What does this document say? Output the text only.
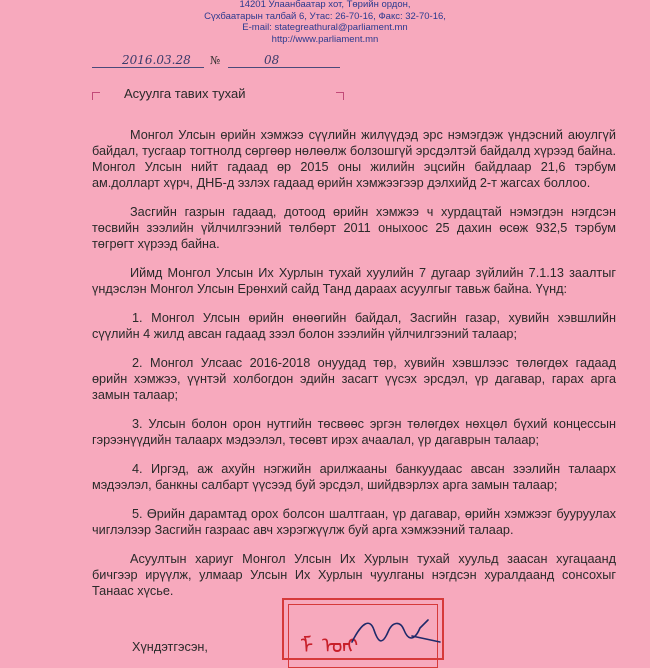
14201 Улаанбаатар хот, Төрийн ордон,
Сүхбаатарын талбай 6, Утас: 26-70-16, Факс: 32-70-16,
E-mail: stategreathural@parliament.mn
http://www.parliament.mn
2016.03.28 №	08
Асуулга тавих тухай

Монгол Улсын өрийн хэмжээ сүүлийн жилүүдэд эрс нэмэгдэж үндэсний аюулгүй байдал, тусгаар тогтнолд сөргөөр нөлөөлж болзошгүй эрсдэлтэй байдалд хүрээд байна. Монгол Улсын нийт гадаад өр 2015 оны жилийн эцсийн байдлаар 21,6 тэрбум ам.долларт хүрч, ДНБ-д эзлэх гадаад өрийн хэмжээгээр дэлхийд 2-т жагсах боллоо.

Засгийн газрын гадаад, дотоод өрийн хэмжээ ч хурдацтай нэмэгдэн нэгдсэн төсвийн зээлийн үйлчилгээний төлбөрт 2011 оныхоос 25 дахин өсөж 932,5 тэрбум төгрөгт хүрээд байна.

Иймд Монгол Улсын Их Хурлын тухай хуулийн 7 дугаар зүйлийн 7.1.13 заалтыг үндэслэн Монгол Улсын Ерөнхий сайд Танд дараах асуулгыг тавьж байна. Үүнд:

1. Монгол Улсын өрийн өнөөгийн байдал, Засгийн газар, хувийн хэвшлийн сүүлийн 4 жилд авсан гадаад зээл болон зээлийн үйлчилгээний талаар;

2. Монгол Улсаас 2016-2018 онуудад төр, хувийн хэвшлээс төлөгдөх гадаад өрийн хэмжээ, үүнтэй холбогдон эдийн засагт үүсэх эрсдэл, үр дагавар, гарах арга замын талаар;

3. Улсын болон орон нутгийн төсвөөс эргэн төлөгдөх нөхцөл бүхий концессын гэрээнүүдийн талаарх мэдээлэл, төсөвт ирэх ачаалал, үр дагаврын талаар;

4. Иргэд, аж ахуйн нэгжийн арилжааны банкуудаас авсан зээлийн талаарх мэдээлэл, банкны салбарт үүсээд буй эрсдэл, шийдвэрлэх арга замын талаар;

5. Өрийн дарамтад орох болсон шалтгаан, үр дагавар, өрийн хэмжээг бууруулах чиглэлээр Засгийн газраас авч хэрэгжүүлж буй арга хэмжээний талаар.

Асуултын хариуг Монгол Улсын Их Хурлын тухай хуульд заасан хугацаанд бичгээр ирүүлж, улмаар Улсын Их Хурлын чуулганы нэгдсэн хуралдаанд сонсохыг Танаас хүсье.

Хүндэтгэсэн,	ᠮ ᠣ ᠩ
